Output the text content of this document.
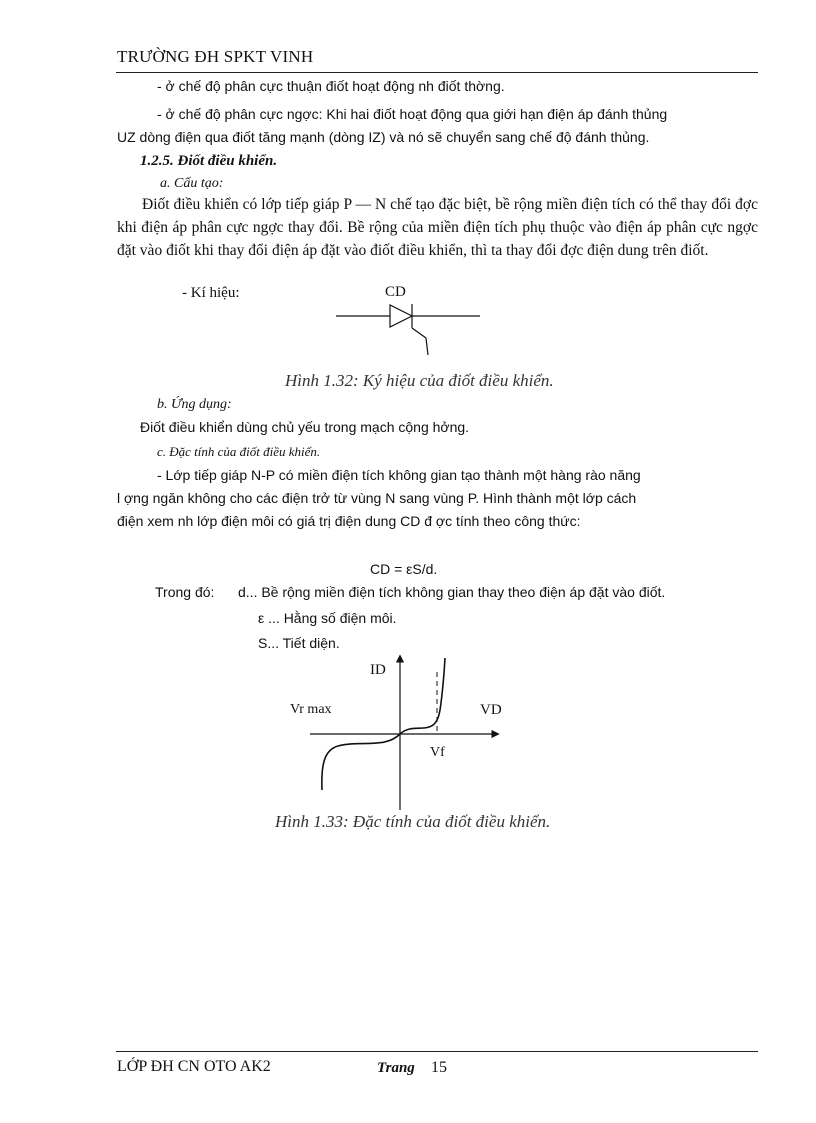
TRƯỜNG ĐH SPKT VINH
- ở chế độ phân cực thuận điốt hoạt động nh điốt thờng.
- ở chế độ phân cực ngợc: Khi hai điốt hoạt động qua giới hạn điện áp đánh thủng
UZ dòng điện qua điốt tăng mạnh (dòng IZ) và nó sẽ chuyển sang chế độ đánh thủng.
1.2.5. Điốt điều khiển.
a. Cấu tạo:
Điốt điều khiển có lớp tiếp giáp P — N chế tạo đặc biệt, bề rộng miền điện tích có thể thay đổi đợc khi điện áp phân cực ngợc thay đổi. Bề rộng của miền điện tích phụ thuộc vào điện áp phân cực ngợc đặt vào điốt khi thay đổi điện áp đặt vào điốt điều khiển, thì ta thay đổi đợc điện dung trên điốt.
- Kí hiệu:	CD
Hình 1.32: Ký hiệu của điốt điều khiển.
b. Ứng dụng:
Điốt điều khiển dùng chủ yếu trong mạch cộng hởng.
c. Đặc tính của điốt điều khiển.
- Lớp tiếp giáp N-P có miền điện tích không gian tạo thành một hàng rào năng
l ợng ngăn không cho các điện trở từ vùng N sang vùng P. Hình thành một lớp cách
điện xem nh lớp điện môi có giá trị điện dung CD đ ợc tính theo công thức:
CD = εS/d.
Trong đó: d... Bề rộng miền điện tích không gian thay theo điện áp đặt vào điốt.
ε ... Hằng số điện môi.
S... Tiết diện.
ID
VD
Vr max
Vf
Hình 1.33: Đặc tính của điốt điều khiển.
LỚP ĐH CN OTO AK2	Trang 15
